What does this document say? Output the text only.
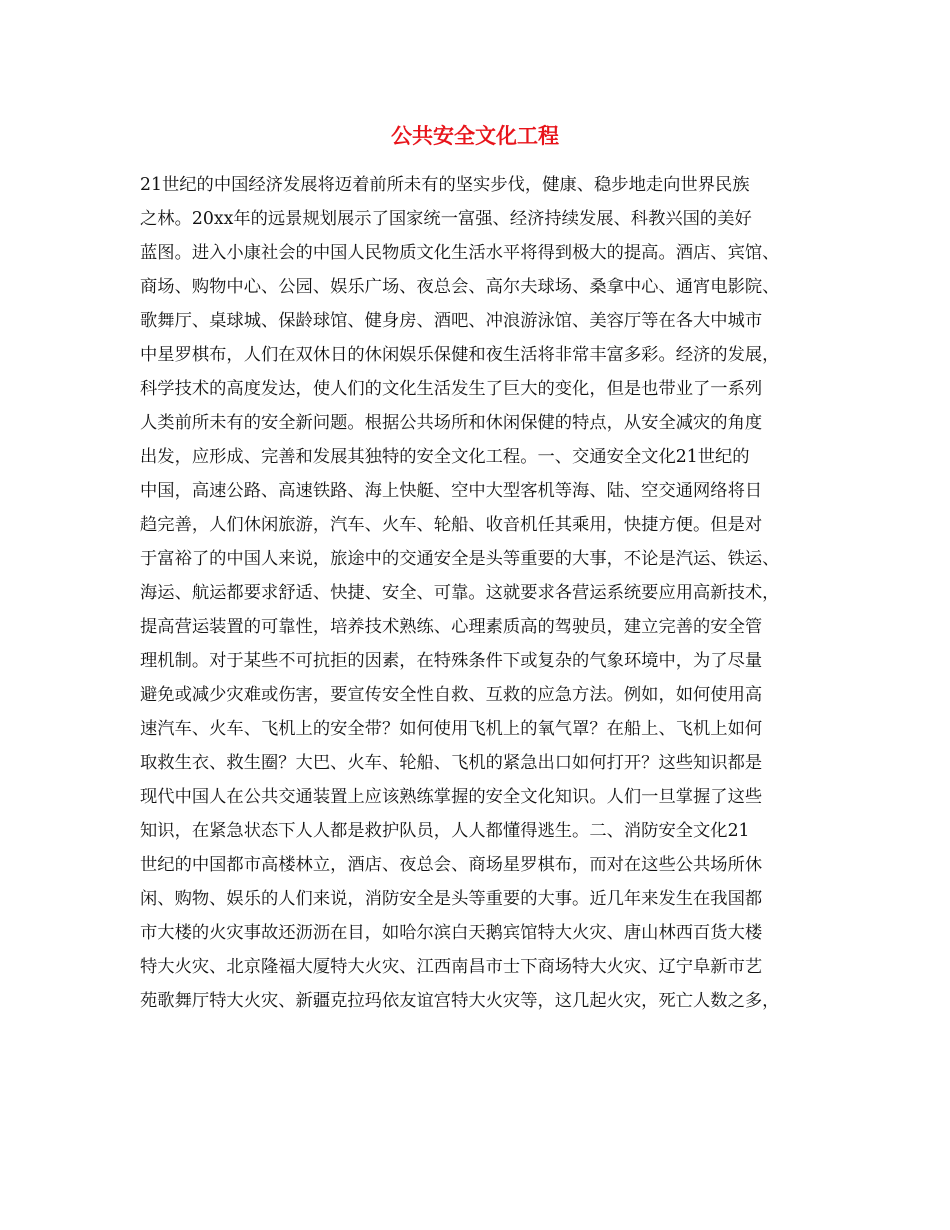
公共安全文化工程
21世纪的中国经济发展将迈着前所未有的坚实步伐，健康、稳步地走向世界民族
之林。20xx年的远景规划展示了国家统一富强、经济持续发展、科教兴国的美好
蓝图。进入小康社会的中国人民物质文化生活水平将得到极大的提高。酒店、宾馆、
商场、购物中心、公园、娱乐广场、夜总会、高尔夫球场、桑拿中心、通宵电影院、
歌舞厅、桌球城、保龄球馆、健身房、酒吧、冲浪游泳馆、美容厅等在各大中城市
中星罗棋布，人们在双休日的休闲娱乐保健和夜生活将非常丰富多彩。经济的发展，
科学技术的高度发达，使人们的文化生活发生了巨大的变化，但是也带业了一系列
人类前所未有的安全新问题。根据公共场所和休闲保健的特点，从安全减灾的角度
出发，应形成、完善和发展其独特的安全文化工程。一、交通安全文化21世纪的
中国，高速公路、高速铁路、海上快艇、空中大型客机等海、陆、空交通网络将日
趋完善，人们休闲旅游，汽车、火车、轮船、收音机任其乘用，快捷方便。但是对
于富裕了的中国人来说，旅途中的交通安全是头等重要的大事，不论是汽运、铁运、
海运、航运都要求舒适、快捷、安全、可靠。这就要求各营运系统要应用高新技术，
提高营运装置的可靠性，培养技术熟练、心理素质高的驾驶员，建立完善的安全管
理机制。对于某些不可抗拒的因素，在特殊条件下或复杂的气象环境中，为了尽量
避免或减少灾难或伤害，要宣传安全性自救、互救的应急方法。例如，如何使用高
速汽车、火车、飞机上的安全带？如何使用飞机上的氧气罩？在船上、飞机上如何
取救生衣、救生圈？大巴、火车、轮船、飞机的紧急出口如何打开？这些知识都是
现代中国人在公共交通装置上应该熟练掌握的安全文化知识。人们一旦掌握了这些
知识，在紧急状态下人人都是救护队员，人人都懂得逃生。二、消防安全文化21
世纪的中国都市高楼林立，酒店、夜总会、商场星罗棋布，而对在这些公共场所休
闲、购物、娱乐的人们来说，消防安全是头等重要的大事。近几年来发生在我国都
市大楼的火灾事故还沥沥在目，如哈尔滨白天鹅宾馆特大火灾、唐山林西百货大楼
特大火灾、北京隆福大厦特大火灾、江西南昌市士下商场特大火灾、辽宁阜新市艺
苑歌舞厅特大火灾、新疆克拉玛依友谊宫特大火灾等，这几起火灾，死亡人数之多，
